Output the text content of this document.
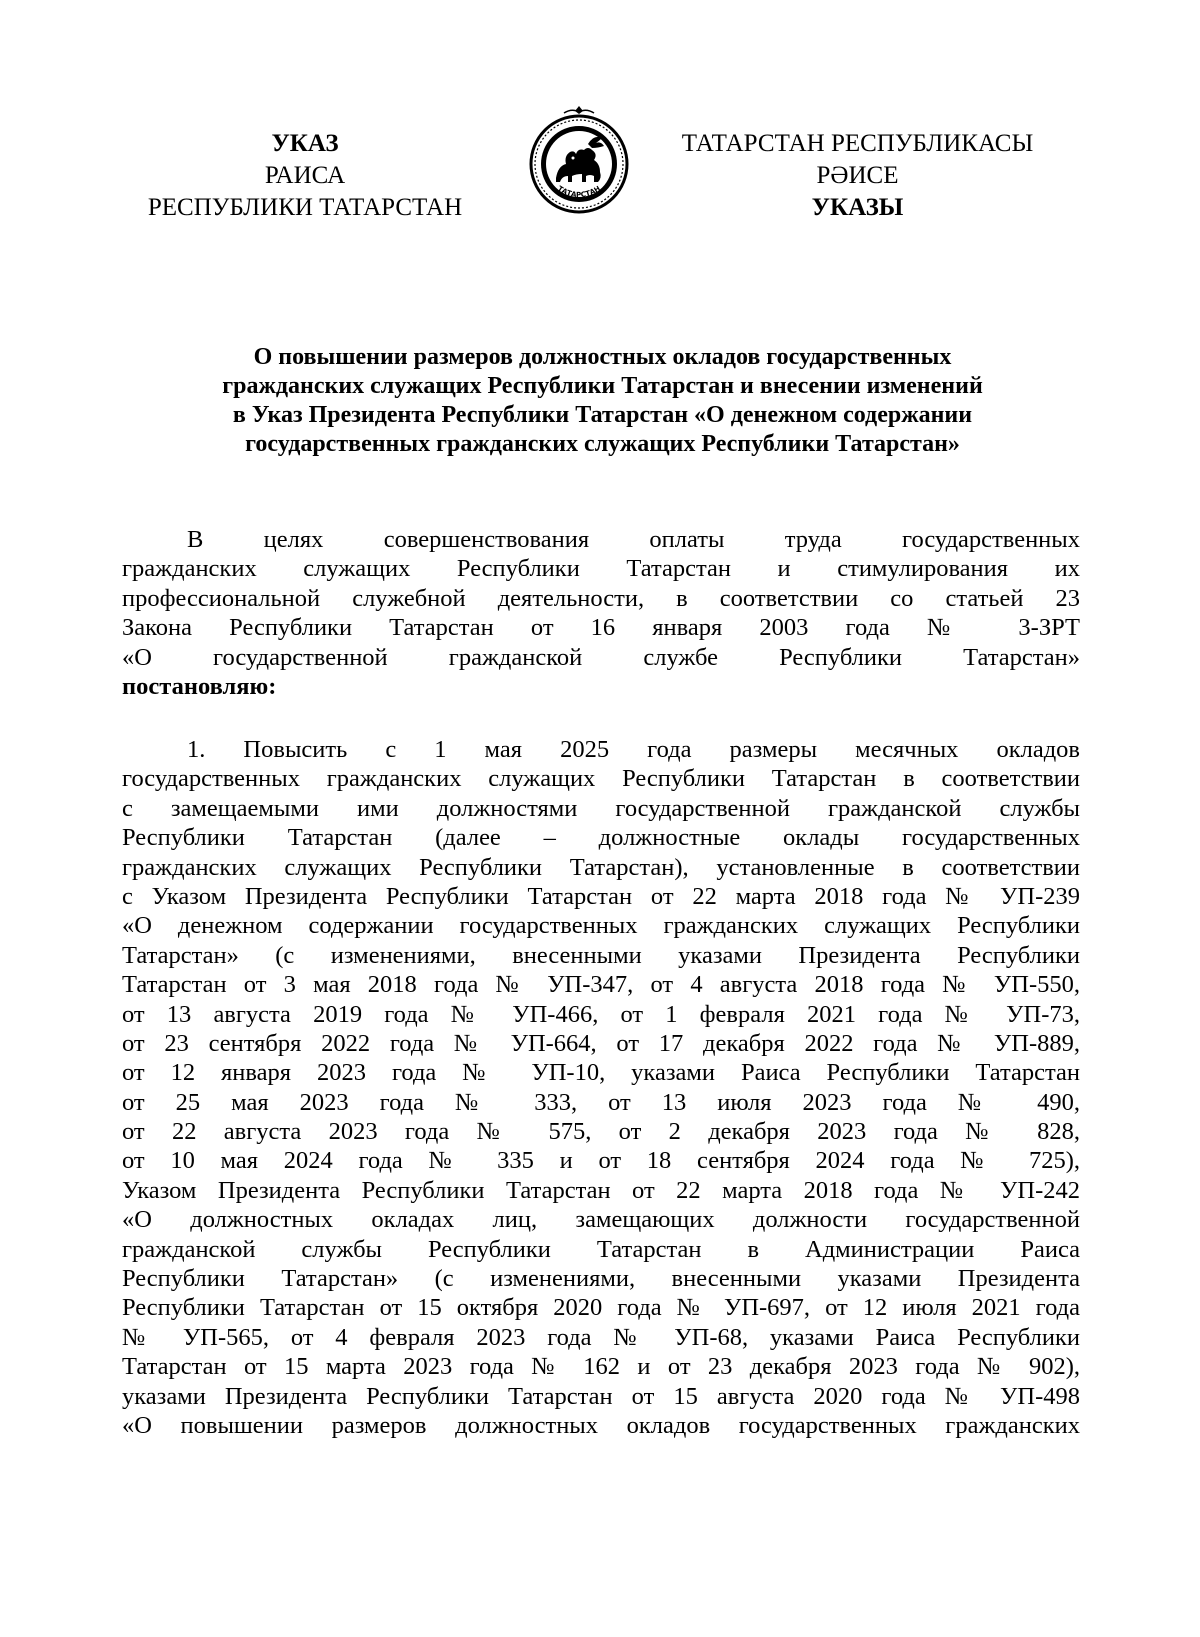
УКАЗ
РАИСА
РЕСПУБЛИКИ ТАТАРСТАН
ТАТАРСТАН
ТАТАРСТАН РЕСПУБЛИКАСЫ
РӘИСЕ
УКАЗЫ
О повышении размеров должностных окладов государственных
гражданских служащих Республики Татарстан и внесении изменений
в Указ Президента Республики Татарстан «О денежном содержании
государственных гражданских служащих Республики Татарстан»
В целях совершенствования оплаты труда государственных
гражданских служащих Республики Татарстан и стимулирования их
профессиональной служебной деятельности, в соответствии со статьей 23
Закона Республики Татарстан от 16 января 2003 года № 3-ЗРТ
«О государственной гражданской службе Республики Татарстан»
постановляю:
1. Повысить с 1 мая 2025 года размеры месячных окладов
государственных гражданских служащих Республики Татарстан в соответствии
с замещаемыми ими должностями государственной гражданской службы
Республики Татарстан (далее – должностные оклады государственных
гражданских служащих Республики Татарстан), установленные в соответствии
с Указом Президента Республики Татарстан от 22 марта 2018 года № УП-239
«О денежном содержании государственных гражданских служащих Республики
Татарстан» (с изменениями, внесенными указами Президента Республики
Татарстан от 3 мая 2018 года № УП-347, от 4 августа 2018 года № УП-550,
от 13 августа 2019 года № УП-466, от 1 февраля 2021 года № УП-73,
от 23 сентября 2022 года № УП-664, от 17 декабря 2022 года № УП-889,
от 12 января 2023 года № УП-10, указами Раиса Республики Татарстан
от 25 мая 2023 года № 333, от 13 июля 2023 года № 490,
от 22 августа 2023 года № 575, от 2 декабря 2023 года № 828,
от 10 мая 2024 года № 335 и от 18 сентября 2024 года № 725),
Указом Президента Республики Татарстан от 22 марта 2018 года № УП-242
«О должностных окладах лиц, замещающих должности государственной
гражданской службы Республики Татарстан в Администрации Раиса
Республики Татарстан» (с изменениями, внесенными указами Президента
Республики Татарстан от 15 октября 2020 года № УП-697, от 12 июля 2021 года
№ УП-565, от 4 февраля 2023 года № УП-68, указами Раиса Республики
Татарстан от 15 марта 2023 года № 162 и от 23 декабря 2023 года № 902),
указами Президента Республики Татарстан от 15 августа 2020 года № УП-498
«О повышении размеров должностных окладов государственных гражданских
